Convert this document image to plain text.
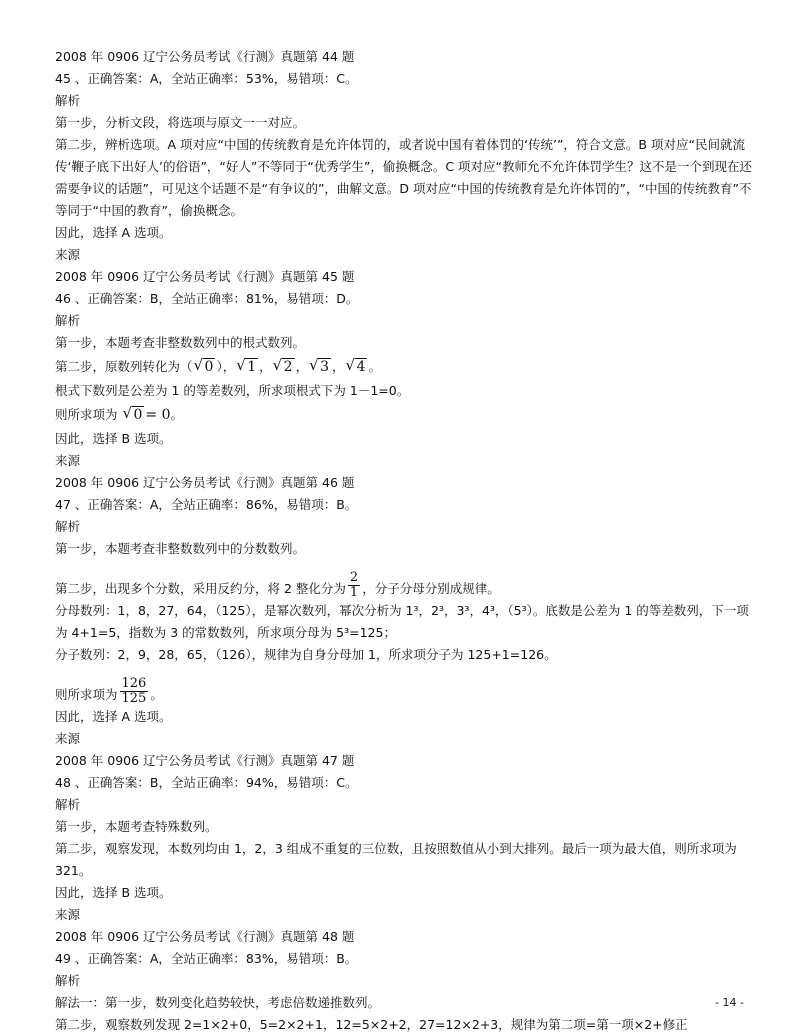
2008 年 0906 辽宁公务员考试《行测》真题第 44 题
45 、正确答案：A，全站正确率：53%，易错项：C。
解析
第一步，分析文段，将选项与原文一一对应。
第二步，辨析选项。A 项对应“中国的传统教育是允许体罚的，或者说中国有着体罚的‘传统’”，符合文意。B 项对应“民间就流传‘鞭子底下出好人’的俗语”，“好人”不等同于“优秀学生”，偷换概念。C 项对应“教师允不允许体罚学生？这不是一个到现在还需要争议的话题”，可见这个话题不是“有争议的”，曲解文意。D 项对应“中国的传统教育是允许体罚的”，“中国的传统教育”不等同于“中国的教育”，偷换概念。
因此，选择 A 选项。
来源
2008 年 0906 辽宁公务员考试《行测》真题第 45 题
46 、正确答案：B，全站正确率：81%，易错项：D。
解析
第一步，本题考查非整数数列中的根式数列。
第二步，原数列转化为（ √ 0 ）， √ 1 ， √ 2 ， √ 3 ， √ 4 。
根式下数列是公差为 1 的等差数列，所求项根式下为 1－1=0。
则所求项为 √ 0 = 0。
因此，选择 B 选项。
来源
2008 年 0906 辽宁公务员考试《行测》真题第 46 题
47 、正确答案：A，全站正确率：86%，易错项：B。
解析
第一步，本题考查非整数数列中的分数数列。
第二步，出现多个分数，采用反约分，将 2 整化分为 $\frac{2}{1}$ ，分子分母分别成规律。
分母数列：1，8，27，64，（125），是幂次数列，幂次分析为 1³，2³，3³，4³，（5³）。底数是公差为 1 的等差数列，下一项为 4+1=5，指数为 3 的常数数列，所求项分母为 5³=125；
分子数列：2，9，28，65，（126），规律为自身分母加 1，所求项分子为 125+1=126。
则所求项为 $\frac{126}{125}$ 。
因此，选择 A 选项。
来源
2008 年 0906 辽宁公务员考试《行测》真题第 47 题
48 、正确答案：B，全站正确率：94%，易错项：C。
解析
第一步，本题考查特殊数列。
第二步，观察发现，本数列均由 1，2，3 组成不重复的三位数，且按照数值从小到大排列。最后一项为最大值，则所求项为 321。
因此，选择 B 选项。
来源
2008 年 0906 辽宁公务员考试《行测》真题第 48 题
49 、正确答案：A，全站正确率：83%，易错项：B。
解析
解法一：第一步，数列变化趋势较快，考虑倍数递推数列。
第二步，观察数列发现 2=1×2+0，5=2×2+1，12=5×2+2，27=12×2+3，规律为第二项=第一项×2+修正
- 14 -
